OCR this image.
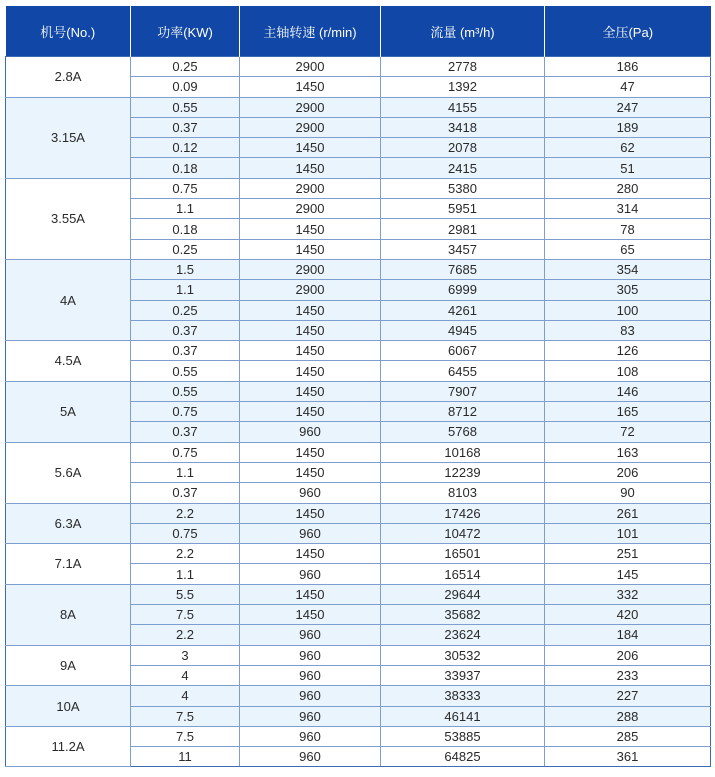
机号(No.)	功率(KW)	主轴转速 (r/min)	流量 (m³/h)	全压(Pa)
2.8A	0.25	2900	2778	186
	0.09	1450	1392	47
3.15A	0.55	2900	4155	247
	0.37	2900	3418	189
	0.12	1450	2078	62
	0.18	1450	2415	51
3.55A	0.75	2900	5380	280
	1.1	2900	5951	314
	0.18	1450	2981	78
	0.25	1450	3457	65
4A	1.5	2900	7685	354
	1.1	2900	6999	305
	0.25	1450	4261	100
	0.37	1450	4945	83
4.5A	0.37	1450	6067	126
	0.55	1450	6455	108
5A	0.55	1450	7907	146
	0.75	1450	8712	165
	0.37	960	5768	72
5.6A	0.75	1450	10168	163
	1.1	1450	12239	206
	0.37	960	8103	90
6.3A	2.2	1450	17426	261
	0.75	960	10472	101
7.1A	2.2	1450	16501	251
	1.1	960	16514	145
8A	5.5	1450	29644	332
	7.5	1450	35682	420
	2.2	960	23624	184
9A	3	960	30532	206
	4	960	33937	233
10A	4	960	38333	227
	7.5	960	46141	288
11.2A	7.5	960	53885	285
	11	960	64825	361
